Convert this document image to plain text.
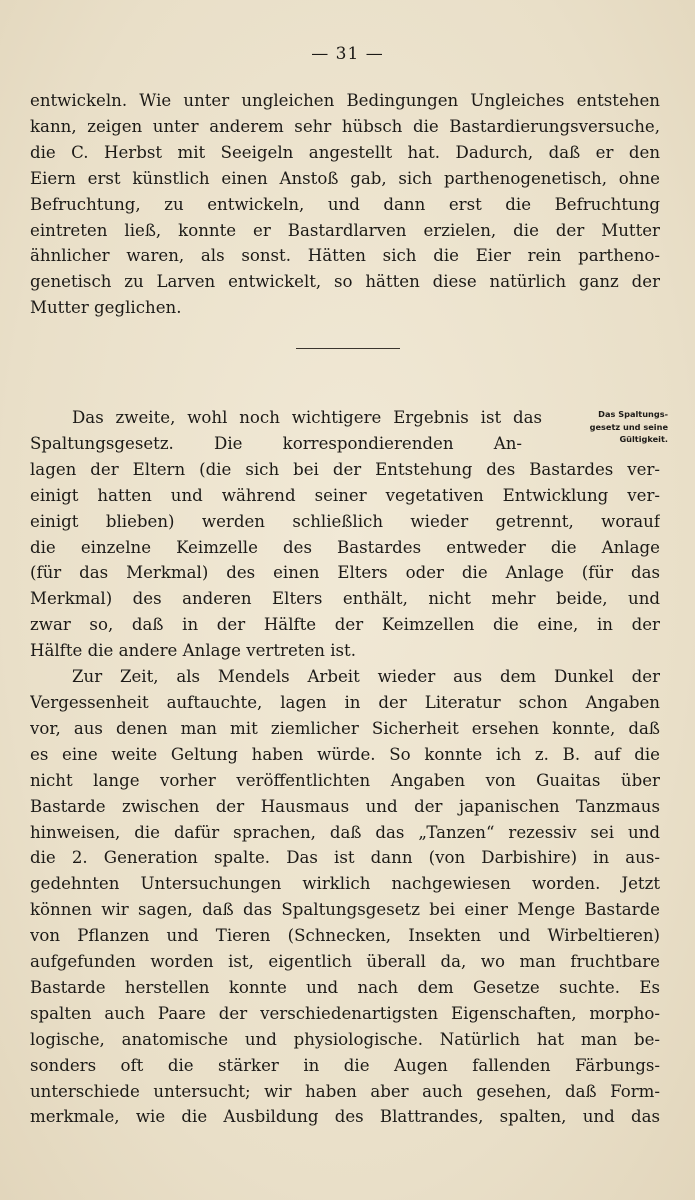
— 31 —
entwickeln. Wie unter ungleichen Bedingungen Ungleiches entstehen
kann, zeigen unter anderem sehr hübsch die Bastardierungsversuche,
die C. Herbst mit Seeigeln angestellt hat. Dadurch, daß er den
Eiern erst künstlich einen Anstoß gab, sich parthenogenetisch, ohne
Befruchtung, zu entwickeln, und dann erst die Befruchtung
eintreten ließ, konnte er Bastardlarven erzielen, die der Mutter
ähnlicher waren, als sonst. Hätten sich die Eier rein partheno-
genetisch zu Larven entwickelt, so hätten diese natürlich ganz der
Mutter geglichen.
Das Spaltungs-
gesetz und seine
Gültigkeit.
Das zweite, wohl noch wichtigere Ergebnis ist das
Spaltungsgesetz. Die korrespondierenden An-
lagen der Eltern (die sich bei der Entstehung des Bastardes ver-
einigt hatten und während seiner vegetativen Entwicklung ver-
einigt blieben) werden schließlich wieder getrennt, worauf
die einzelne Keimzelle des Bastardes entweder die Anlage
(für das Merkmal) des einen Elters oder die Anlage (für das
Merkmal) des anderen Elters enthält, nicht mehr beide, und
zwar so, daß in der Hälfte der Keimzellen die eine, in der
Hälfte die andere Anlage vertreten ist.
Zur Zeit, als Mendels Arbeit wieder aus dem Dunkel der
Vergessenheit auftauchte, lagen in der Literatur schon Angaben
vor, aus denen man mit ziemlicher Sicherheit ersehen konnte, daß
es eine weite Geltung haben würde. So konnte ich z. B. auf die
nicht lange vorher veröffentlichten Angaben von Guaitas über
Bastarde zwischen der Hausmaus und der japanischen Tanzmaus
hinweisen, die dafür sprachen, daß das „Tanzen“ rezessiv sei und
die 2. Generation spalte. Das ist dann (von Darbishire) in aus-
gedehnten Untersuchungen wirklich nachgewiesen worden. Jetzt
können wir sagen, daß das Spaltungsgesetz bei einer Menge Bastarde
von Pflanzen und Tieren (Schnecken, Insekten und Wirbeltieren)
aufgefunden worden ist, eigentlich überall da, wo man fruchtbare
Bastarde herstellen konnte und nach dem Gesetze suchte. Es
spalten auch Paare der verschiedenartigsten Eigenschaften, morpho-
logische, anatomische und physiologische. Natürlich hat man be-
sonders oft die stärker in die Augen fallenden Färbungs-
unterschiede untersucht; wir haben aber auch gesehen, daß Form-
merkmale, wie die Ausbildung des Blattrandes, spalten, und das
